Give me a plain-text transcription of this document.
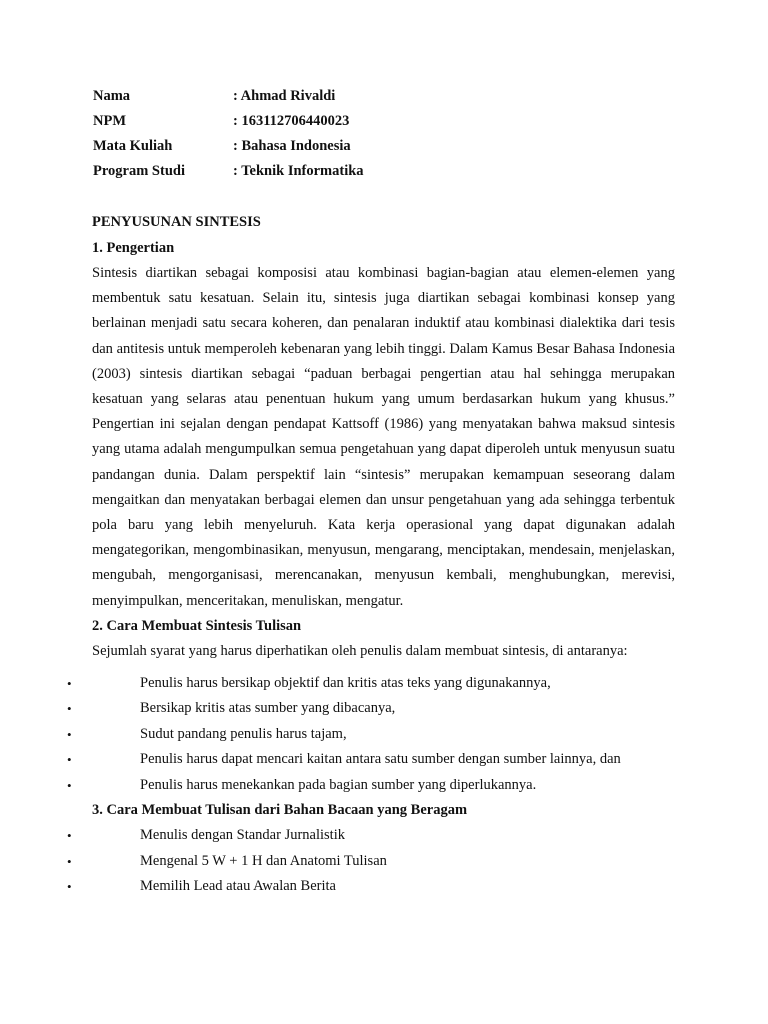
Nama	: Ahmad Rivaldi
NPM	: 163112706440023
Mata Kuliah	: Bahasa Indonesia
Program Studi	: Teknik Informatika
PENYUSUNAN SINTESIS
1. Pengertian

Sintesis diartikan sebagai komposisi atau kombinasi bagian-bagian atau elemen-elemen yang membentuk satu kesatuan. Selain itu, sintesis juga diartikan sebagai kombinasi konsep yang berlainan menjadi satu secara koheren, dan penalaran induktif atau kombinasi dialektika dari tesis dan antitesis untuk memperoleh kebenaran yang lebih tinggi. Dalam Kamus Besar Bahasa Indonesia (2003) sintesis diartikan sebagai “paduan berbagai pengertian atau hal sehingga merupakan kesatuan yang selaras atau penentuan hukum yang umum berdasarkan hukum yang khusus.” Pengertian ini sejalan dengan pendapat Kattsoff (1986) yang menyatakan bahwa maksud sintesis yang utama adalah mengumpulkan semua pengetahuan yang dapat diperoleh untuk menyusun suatu pandangan dunia. Dalam perspektif lain “sintesis” merupakan kemampuan seseorang dalam mengaitkan dan menyatakan berbagai elemen dan unsur pengetahuan yang ada sehingga terbentuk pola baru yang lebih menyeluruh. Kata kerja operasional yang dapat digunakan adalah mengategorikan, mengombinasikan, menyusun, mengarang, menciptakan, mendesain, menjelaskan, mengubah, mengorganisasi, merencanakan, menyusun kembali, menghubungkan, merevisi, menyimpulkan, menceritakan, menuliskan, mengatur.

2. Cara Membuat Sintesis Tulisan

Sejumlah syarat yang harus diperhatikan oleh penulis dalam membuat sintesis, di antaranya:

•	Penulis harus bersikap objektif dan kritis atas teks yang digunakannya,
•	Bersikap kritis atas sumber yang dibacanya,
•	Sudut pandang penulis harus tajam,
•	Penulis harus dapat mencari kaitan antara satu sumber dengan sumber lainnya, dan
•	Penulis harus menekankan pada bagian sumber yang diperlukannya.
3. Cara Membuat Tulisan dari Bahan Bacaan yang Beragam
•	Menulis dengan Standar Jurnalistik
•	Mengenal 5 W + 1 H dan Anatomi Tulisan
•	Memilih Lead atau Awalan Berita
